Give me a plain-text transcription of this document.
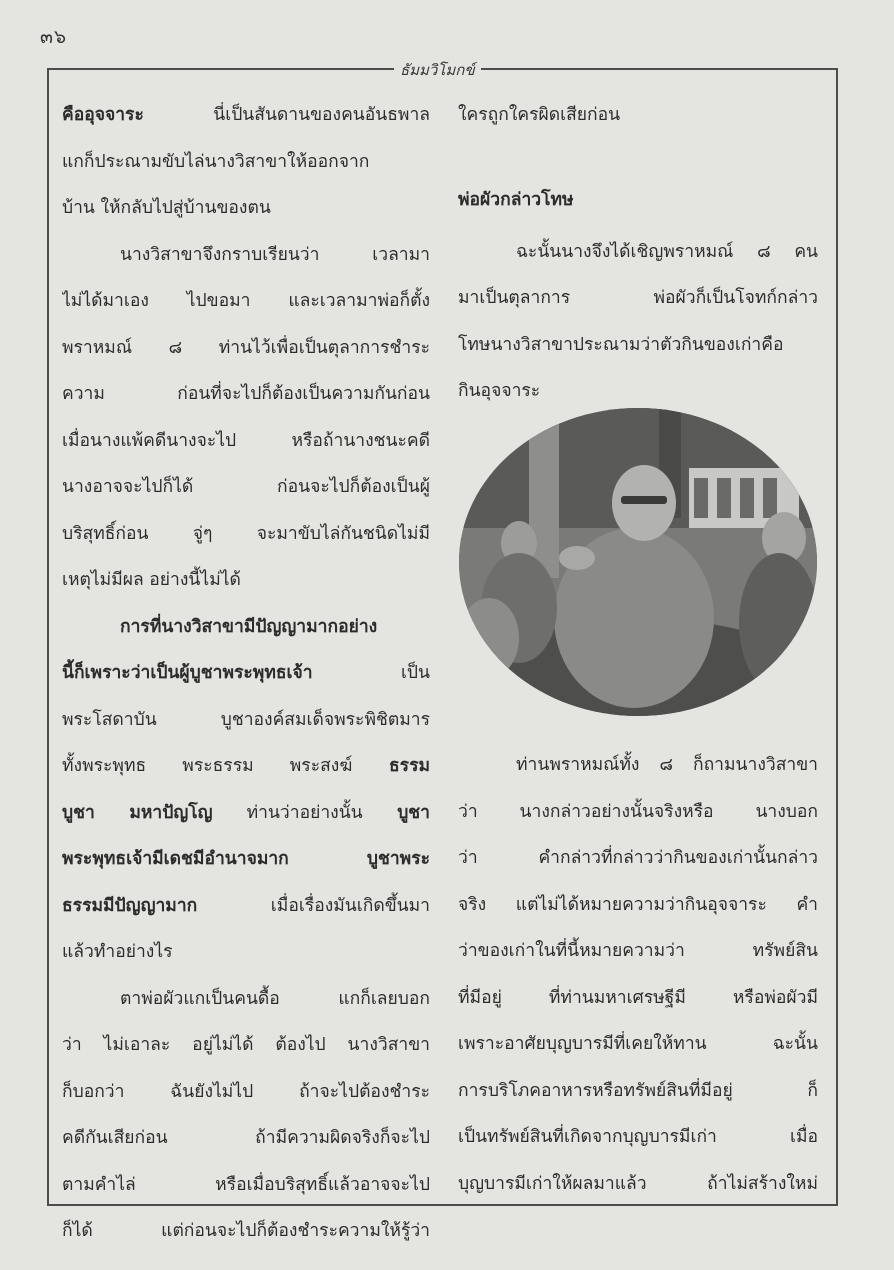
๓๖
ธัมมวิโมกข์
คืออุจจาระ นี่เป็นสันดานของคนอันธพาล
แกก็ประณามขับไล่นางวิสาขาให้ออกจาก
บ้าน ให้กลับไปสู่บ้านของตน
นางวิสาขาจึงกราบเรียนว่า เวลามา
ไม่ได้มาเอง ไปขอมา และเวลามาพ่อก็ตั้ง
พราหมณ์ ๘ ท่านไว้เพื่อเป็นตุลาการชำระ
ความ ก่อนที่จะไปก็ต้องเป็นความกันก่อน
เมื่อนางแพ้คดีนางจะไป หรือถ้านางชนะคดี
นางอาจจะไปก็ได้ ก่อนจะไปก็ต้องเป็นผู้
บริสุทธิ์ก่อน จู่ๆ จะมาขับไล่กันชนิดไม่มี
เหตุไม่มีผล อย่างนี้ไม่ได้
การที่นางวิสาขามีปัญญามากอย่าง
นี้ก็เพราะว่าเป็นผู้บูชาพระพุทธเจ้า เป็น
พระโสดาบัน บูชาองค์สมเด็จพระพิชิตมาร
ทั้งพระพุทธ พระธรรม พระสงฆ์ ธรรม
บูชา มหาปัญโญ ท่านว่าอย่างนั้น บูชา
พระพุทธเจ้ามีเดชมีอำนาจมาก บูชาพระ
ธรรมมีปัญญามาก เมื่อเรื่องมันเกิดขึ้นมา
แล้วทำอย่างไร
ตาพ่อผัวแกเป็นคนดื้อ แกก็เลยบอก
ว่า ไม่เอาละ อยู่ไม่ได้ ต้องไป นางวิสาขา
ก็บอกว่า ฉันยังไม่ไป ถ้าจะไปต้องชำระ
คดีกันเสียก่อน ถ้ามีความผิดจริงก็จะไป
ตามคำไล่ หรือเมื่อบริสุทธิ์แล้วอาจจะไป
ก็ได้ แต่ก่อนจะไปก็ต้องชำระความให้รู้ว่า
ใครถูกใครผิดเสียก่อน
พ่อผัวกล่าวโทษ
ฉะนั้นนางจึงได้เชิญพราหมณ์ ๘ คน
มาเป็นตุลาการ พ่อผัวก็เป็นโจทก์กล่าว
โทษนางวิสาขาประณามว่าตัวกินของเก่าคือ
กินอุจจาระ
ท่านพราหมณ์ทั้ง ๘ ก็ถามนางวิสาขา
ว่า นางกล่าวอย่างนั้นจริงหรือ นางบอก
ว่า คำกล่าวที่กล่าวว่ากินของเก่านั้นกล่าว
จริง แต่ไม่ได้หมายความว่ากินอุจจาระ คำ
ว่าของเก่าในที่นี้หมายความว่า ทรัพย์สิน
ที่มีอยู่ ที่ท่านมหาเศรษฐีมี หรือพ่อผัวมี
เพราะอาศัยบุญบารมีที่เคยให้ทาน ฉะนั้น
การบริโภคอาหารหรือทรัพย์สินที่มีอยู่ ก็
เป็นทรัพย์สินที่เกิดจากบุญบารมีเก่า เมื่อ
บุญบารมีเก่าให้ผลมาแล้ว ถ้าไม่สร้างใหม่
